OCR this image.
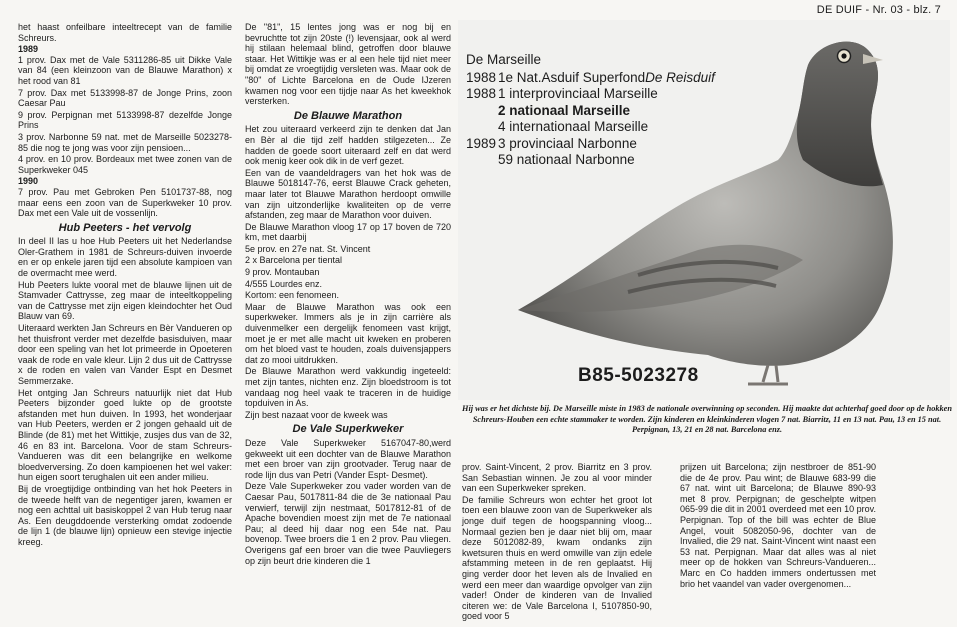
DE DUIF - Nr. 03 - blz. 7

het haast onfeilbare inteeltrecept van de familie Schreurs.

1989

1 prov. Dax met de Vale 5311286-85 uit Dikke Vale van 84 (een kleinzoon van de Blauwe Marathon) x het rood van 81

7 prov. Dax met 5133998-87 de Jonge Prins, zoon Caesar Pau

9 prov. Perpignan met 5133998-87 dezelfde Jonge Prins

3 prov. Narbonne 59 nat. met de Marseille 5023278-85 die nog te jong was voor zijn pensioen...

4 prov. en 10 prov. Bordeaux met twee zonen van de Superkweker 045

1990

7 prov. Pau met Gebroken Pen 5101737-88, nog maar eens een zoon van de Superkweker 10 prov. Dax met een Vale uit de vossenlijn.

Hub Peeters - het vervolg

In deel II las u hoe Hub Peeters uit het Nederlandse Oler-Grathem in 1981 de Schreurs-duiven invoerde en er op enkele jaren tijd een absolute kampioen van de overmacht mee werd.

Hub Peeters lukte vooral met de blauwe lijnen uit de Stamvader Cattrysse, zeg maar de inteeltkoppeling van de Cattrysse met zijn eigen kleindochter het Oud Blauw van 69.

Uiteraard werkten Jan Schreurs en Bèr Vandueren op het thuisfront verder met dezelfde basisduiven, maar door een speling van het lot primeerde in Opoeteren vaak de rode en vale kleur. Lijn 2 dus uit de Cattrysse x de roden en valen van Vander Espt en Desmet Semmerzake.

Het ontging Jan Schreurs natuurlijk niet dat Hub Peeters bijzonder goed lukte op de grootste afstanden met hun duiven. In 1993, het wonderjaar van Hub Peeters, werden er 2 jongen gehaald uit de Blinde (de 81) met het Wittikje, zusjes dus van de 32, 46 en 83 int. Barcelona. Voor de stam Schreurs-Vandueren was dit een belangrijke en welkome bloedverversing. Zo doen kampioenen het wel vaker: hun eigen soort terughalen uit een ander milieu.

Bij de vroegtijdige ontbinding van het hok Peeters in de tweede helft van de negentiger jaren, kwamen er nog een achttal uit basiskoppel 2 van Hub terug naar As. Een deugddoende versterking omdat zodoende de lijn 1 (de blauwe lijn) opnieuw een stevige injectie kreeg.

De "81", 15 lentes jong was er nog bij en bevruchtte tot zijn 20ste (!) levensjaar, ook al werd hij stilaan helemaal blind, getroffen door blauwe staar. Het Wittikje was er al een hele tijd niet meer bij omdat ze vroegtijdig versleten was. Maar ook de "80" of Lichte Barcelona en de Oude IJzeren kwamen nog voor een tijdje naar As het kweekhok versterken.

De Blauwe Marathon

Het zou uiteraard verkeerd zijn te denken dat Jan en Bèr al die tijd zelf hadden stilgezeten... Ze hadden de goede soort uiteraard zelf en dat werd ook menig keer ook dik in de verf gezet.

Een van de vaandeldragers van het hok was de Blauwe 5018147-76, eerst Blauwe Crack geheten, maar later tot Blauwe Marathon herdoopt omwille van zijn uitzonderlijke kwaliteiten op de verre afstanden, zeg maar de Marathon voor duiven.

De Blauwe Marathon vloog 17 op 17 boven de 720 km, met daarbij

5e prov. en 27e nat. St. Vincent

2 x Barcelona per tiental

9 prov. Montauban

4/555 Lourdes enz.

Kortom: een fenomeen.

Maar de Blauwe Marathon was ook een superkweker. Immers als je in zijn carrière als duivenmelker een dergelijk fenomeen vast krijgt, moet je er met alle macht uit kweken en proberen om het bloed vast te houden, zoals duivensjappers dat zo mooi uitdrukken.

De Blauwe Marathon werd vakkundig ingeteeld: met zijn tantes, nichten enz. Zijn bloedstroom is tot vandaag nog heel vaak te traceren in de huidige topduiven in As.

Zijn best nazaat voor de kweek was

De Vale Superkweker

Deze Vale Superkweker 5167047-80,werd gekweekt uit een dochter van de Blauwe Marathon met een broer van zijn grootvader. Terug naar de rode lijn dus van Petri (Vander Espt- Desmet).

Deze Vale Superkweker zou vader worden van de Caesar Pau, 5017811-84 die de 3e nationaal Pau verwierf, terwijl zijn nestmaat, 5017812-81 of de Apache bovendien moest zijn met de 7e nationaal Pau; al deed hij daar nog een 54e nat. Pau bovenop. Twee broers die 1 en 2 prov. Pau vliegen. Overigens gaf een broer van die twee Pauvliegers op zijn beurt drie kinderen die 1

De Marseille
1988 1e Nat.Asduif Superfond De Reisduif
1988 1 interprovinciaal Marseille
2 nationaal Marseille
4 internationaal Marseille
1989 3 provinciaal Narbonne
59 nationaal Narbonne
B85-5023278
Hij was er het dichtste bij. De Marseille miste in 1983 de nationale overwinning op seconden. Hij maakte dat achterhaf goed door op de hokken Schreurs-Houben een echte stammaker te worden. Zijn kinderen en kleinkinderen vlogen 7 nat. Biarritz, 11 en 13 nat. Pau, 13 en 15 nat. Perpignan, 13, 21 en 28 nat. Barcelona enz.

prov. Saint-Vincent, 2 prov. Biarritz en 3 prov. San Sebastian winnen. Je zou al voor minder van een Superkweker spreken.

De familie Schreurs won echter het groot lot toen een blauwe zoon van de Superkweker als jonge duif tegen de hoogspanning vloog... Normaal gezien ben je daar niet blij om, maar deze 5012082-89, kwam ondanks zijn kwetsuren thuis en werd omwille van zijn edele afstamming meteen in de ren geplaatst. Hij ging verder door het leven als de Invalied en werd een meer dan waardige opvolger van zijn vader! Onder de kinderen van de Invalied citeren we: de Vale Barcelona I, 5107850-90, goed voor 5

prijzen uit Barcelona; zijn nestbroer de 851-90 die de 4e prov. Pau wint; de Blauwe 683-99 die 67 nat. wint uit Barcelona; de Blauwe 890-93 met 8 prov. Perpignan; de geschelpte witpen 065-99 die dit in 2001 overdeed met een 10 prov. Perpignan. Top of the bill was echter de Blue Angel, vouit 5082050-96, dochter van de Invalied, die 29 nat. Saint-Vincent wint naast een 53 nat. Perpignan. Maar dat alles was al niet meer op de hokken van Schreurs-Vandueren... Marc en Co hadden immers ondertussen met brio het vaandel van vader overgenomen...
